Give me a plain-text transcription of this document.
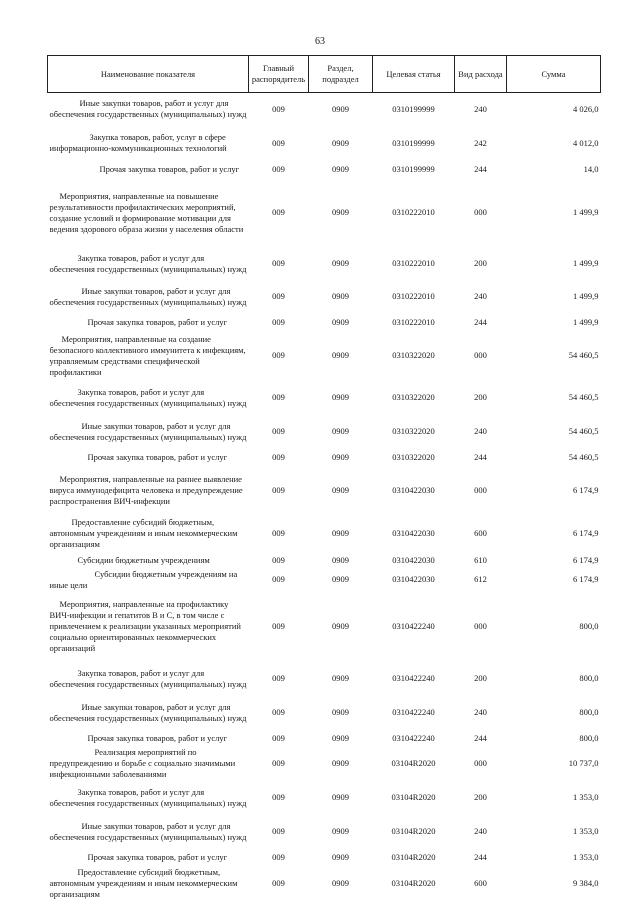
63
Наименование показателя	Главный распорядитель	Раздел, подраздел	Целевая статья	Вид расхода	Сумма
Иные закупки товаров, работ и услуг для обеспечения государственных (муниципальных) нужд	009	0909	0310199999	240	4 026,0
Закупка товаров, работ, услуг в сфере информационно-коммуникационных технологий	009	0909	0310199999	242	4 012,0
Прочая закупка товаров, работ и услуг	009	0909	0310199999	244	14,0
Мероприятия, направленные на повышение результативности профилактических мероприятий, создание условий и формирование мотивации для ведения здорового образа жизни у населения области	009	0909	0310222010	000	1 499,9
Закупка товаров, работ и услуг для обеспечения государственных (муниципальных) нужд	009	0909	0310222010	200	1 499,9
Иные закупки товаров, работ и услуг для обеспечения государственных (муниципальных) нужд	009	0909	0310222010	240	1 499,9
Прочая закупка товаров, работ и услуг	009	0909	0310222010	244	1 499,9
Мероприятия, направленные на создание безопасного коллективного иммунитета к инфекциям, управляемым средствами специфической профилактики	009	0909	0310322020	000	54 460,5
Закупка товаров, работ и услуг для обеспечения государственных (муниципальных) нужд	009	0909	0310322020	200	54 460,5
Иные закупки товаров, работ и услуг для обеспечения государственных (муниципальных) нужд	009	0909	0310322020	240	54 460,5
Прочая закупка товаров, работ и услуг	009	0909	0310322020	244	54 460,5
Мероприятия, направленные на раннее выявление вируса иммунодефицита человека и предупреждение распространения ВИЧ-инфекции	009	0909	0310422030	000	6 174,9
Предоставление субсидий бюджетным, автономным учреждениям и иным некоммерческим организациям	009	0909	0310422030	600	6 174,9
Субсидии бюджетным учреждениям	009	0909	0310422030	610	6 174,9
Субсидии бюджетным учреждениям на иные цели	009	0909	0310422030	612	6 174,9
Мероприятия, направленные на профилактику ВИЧ-инфекции и гепатитов В и С, в том числе с привлечением к реализации указанных мероприятий социально ориентированных некоммерческих организаций	009	0909	0310422240	000	800,0
Закупка товаров, работ и услуг для обеспечения государственных (муниципальных) нужд	009	0909	0310422240	200	800,0
Иные закупки товаров, работ и услуг для обеспечения государственных (муниципальных) нужд	009	0909	0310422240	240	800,0
Прочая закупка товаров, работ и услуг	009	0909	0310422240	244	800,0
Реализация мероприятий по предупреждению и борьбе с социально значимыми инфекционными заболеваниями	009	0909	03104R2020	000	10 737,0
Закупка товаров, работ и услуг для обеспечения государственных (муниципальных) нужд	009	0909	03104R2020	200	1 353,0
Иные закупки товаров, работ и услуг для обеспечения государственных (муниципальных) нужд	009	0909	03104R2020	240	1 353,0
Прочая закупка товаров, работ и услуг	009	0909	03104R2020	244	1 353,0
Предоставление субсидий бюджетным, автономным учреждениям и иным некоммерческим организациям	009	0909	03104R2020	600	9 384,0
